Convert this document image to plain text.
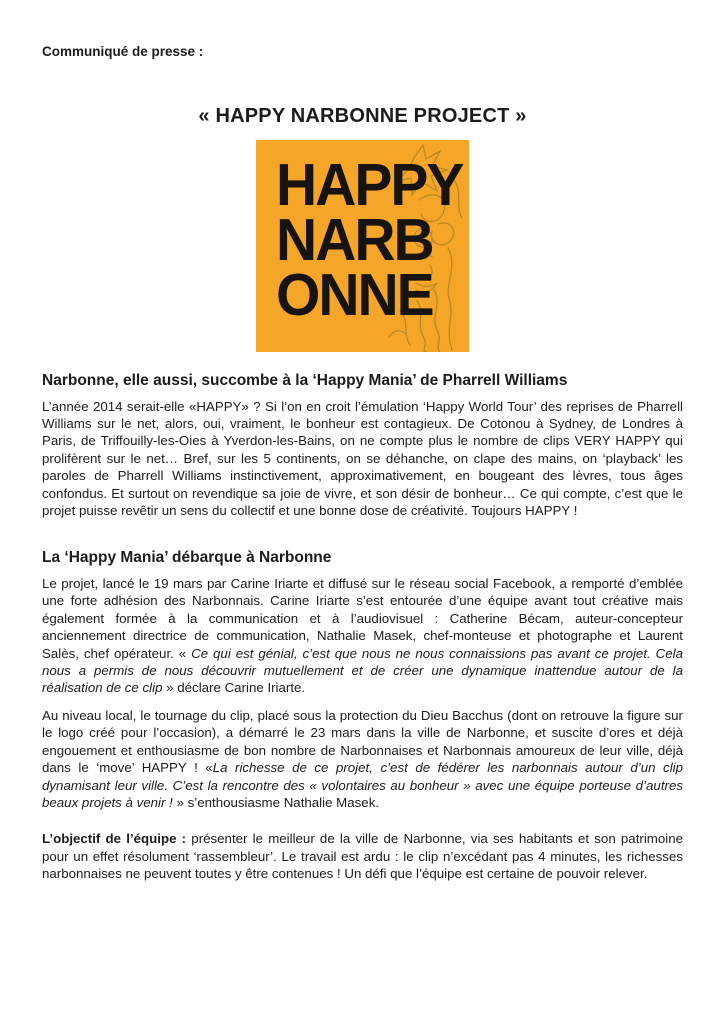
Communiqué de presse :
« HAPPY NARBONNE PROJECT »
HAPPY
NARB
ONNE
Narbonne, elle aussi, succombe à la ‘Happy Mania’ de Pharrell Williams

L’année 2014 serait-elle «HAPPY» ? Si l’on en croit l’émulation ‘Happy World Tour’ des reprises de Pharrell Williams sur le net, alors, oui, vraiment, le bonheur est contagieux. De Cotonou à Sydney, de Londres à Paris, de Triffouilly-les-Oies à Yverdon-les-Bains, on ne compte plus le nombre de clips VERY HAPPY qui prolifèrent sur le net… Bref, sur les 5 continents, on se déhanche, on clape des mains, on ‘playback’ les paroles de Pharrell Williams instinctivement, approximativement, en bougeant des lèvres, tous âges confondus. Et surtout on revendique sa joie de vivre, et son désir de bonheur… Ce qui compte, c’est que le projet puisse revêtir un sens du collectif et une bonne dose de créativité. Toujours HAPPY !

La ‘Happy Mania’ débarque à Narbonne

Le projet, lancé le 19 mars par Carine Iriarte et diffusé sur le réseau social Facebook, a remporté d’emblée une forte adhésion des Narbonnais. Carine Iriarte s’est entourée d’une équipe avant tout créative mais également formée à la communication et à l’audiovisuel : Catherine Bécam, auteur-concepteur anciennement directrice de communication, Nathalie Masek, chef-monteuse et photographe et Laurent Salès, chef opérateur. « Ce qui est génial, c’est que nous ne nous connaissions pas avant ce projet. Cela nous a permis de nous découvrir mutuellement et de créer une dynamique inattendue autour de la réalisation de ce clip » déclare Carine Iriarte.

Au niveau local, le tournage du clip, placé sous la protection du Dieu Bacchus (dont on retrouve la figure sur le logo créé pour l’occasion), a démarré le 23 mars dans la ville de Narbonne, et suscite d’ores et déjà engouement et enthousiasme de bon nombre de Narbonnaises et Narbonnais amoureux de leur ville, déjà dans le ‘move’ HAPPY ! «La richesse de ce projet, c’est de fédérer les narbonnais autour d’un clip dynamisant leur ville. C’est la rencontre des « volontaires au bonheur » avec une équipe porteuse d’autres beaux projets à venir ! » s’enthousiasme Nathalie Masek.

L’objectif de l’équipe : présenter le meilleur de la ville de Narbonne, via ses habitants et son patrimoine pour un effet résolument ‘rassembleur’. Le travail est ardu : le clip n’excédant pas 4 minutes, les richesses narbonnaises ne peuvent toutes y être contenues ! Un défi que l’équipe est certaine de pouvoir relever.
